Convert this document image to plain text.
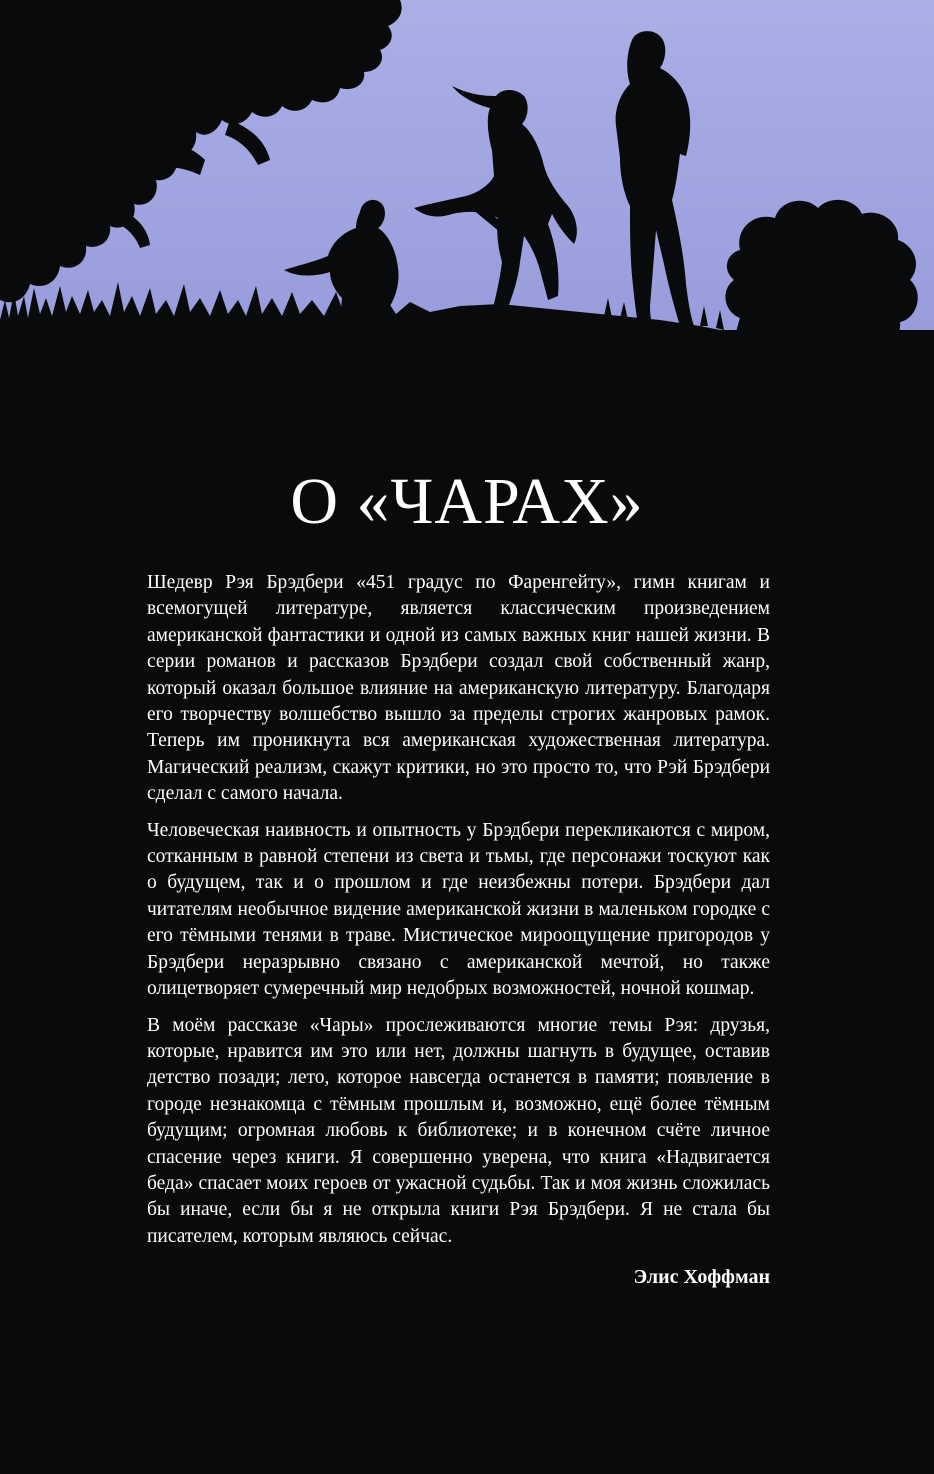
О «ЧАРАХ»

Шедевр Рэя Брэдбери «451 градус по Фаренгейту», гимн книгам и всемогущей литературе, является классическим произведением американской фантастики и одной из самых важных книг нашей жизни. В серии романов и рассказов Брэдбери создал свой собственный жанр, который оказал большое влияние на американскую литературу. Благодаря его творчеству волшебство вышло за пределы строгих жанровых рамок. Теперь им проникнута вся американская художественная литература. Магический реализм, скажут критики, но это просто то, что Рэй Брэдбери сделал с самого начала.

Человеческая наивность и опытность у Брэдбери перекликаются с миром, сотканным в равной степени из света и тьмы, где персонажи тоскуют как о будущем, так и о прошлом и где неизбежны потери. Брэдбери дал читателям необычное видение американской жизни в маленьком городке с его тёмными тенями в траве. Мистическое мироощущение пригородов у Брэдбери неразрывно связано с американской мечтой, но также олицетворяет сумеречный мир недобрых возможностей, ночной кошмар.

В моём рассказе «Чары» прослеживаются многие темы Рэя: друзья, которые, нравится им это или нет, должны шагнуть в будущее, оставив детство позади; лето, которое навсегда останется в памяти; появление в городе незнакомца с тёмным прошлым и, возможно, ещё более тёмным будущим; огромная любовь к библиотеке; и в конечном счёте личное спасение через книги. Я совершенно уверена, что книга «Надвигается беда» спасает моих героев от ужасной судьбы. Так и моя жизнь сложилась бы иначе, если бы я не открыла книги Рэя Брэдбери. Я не стала бы писателем, которым являюсь сейчас.

Элис Хоффман
